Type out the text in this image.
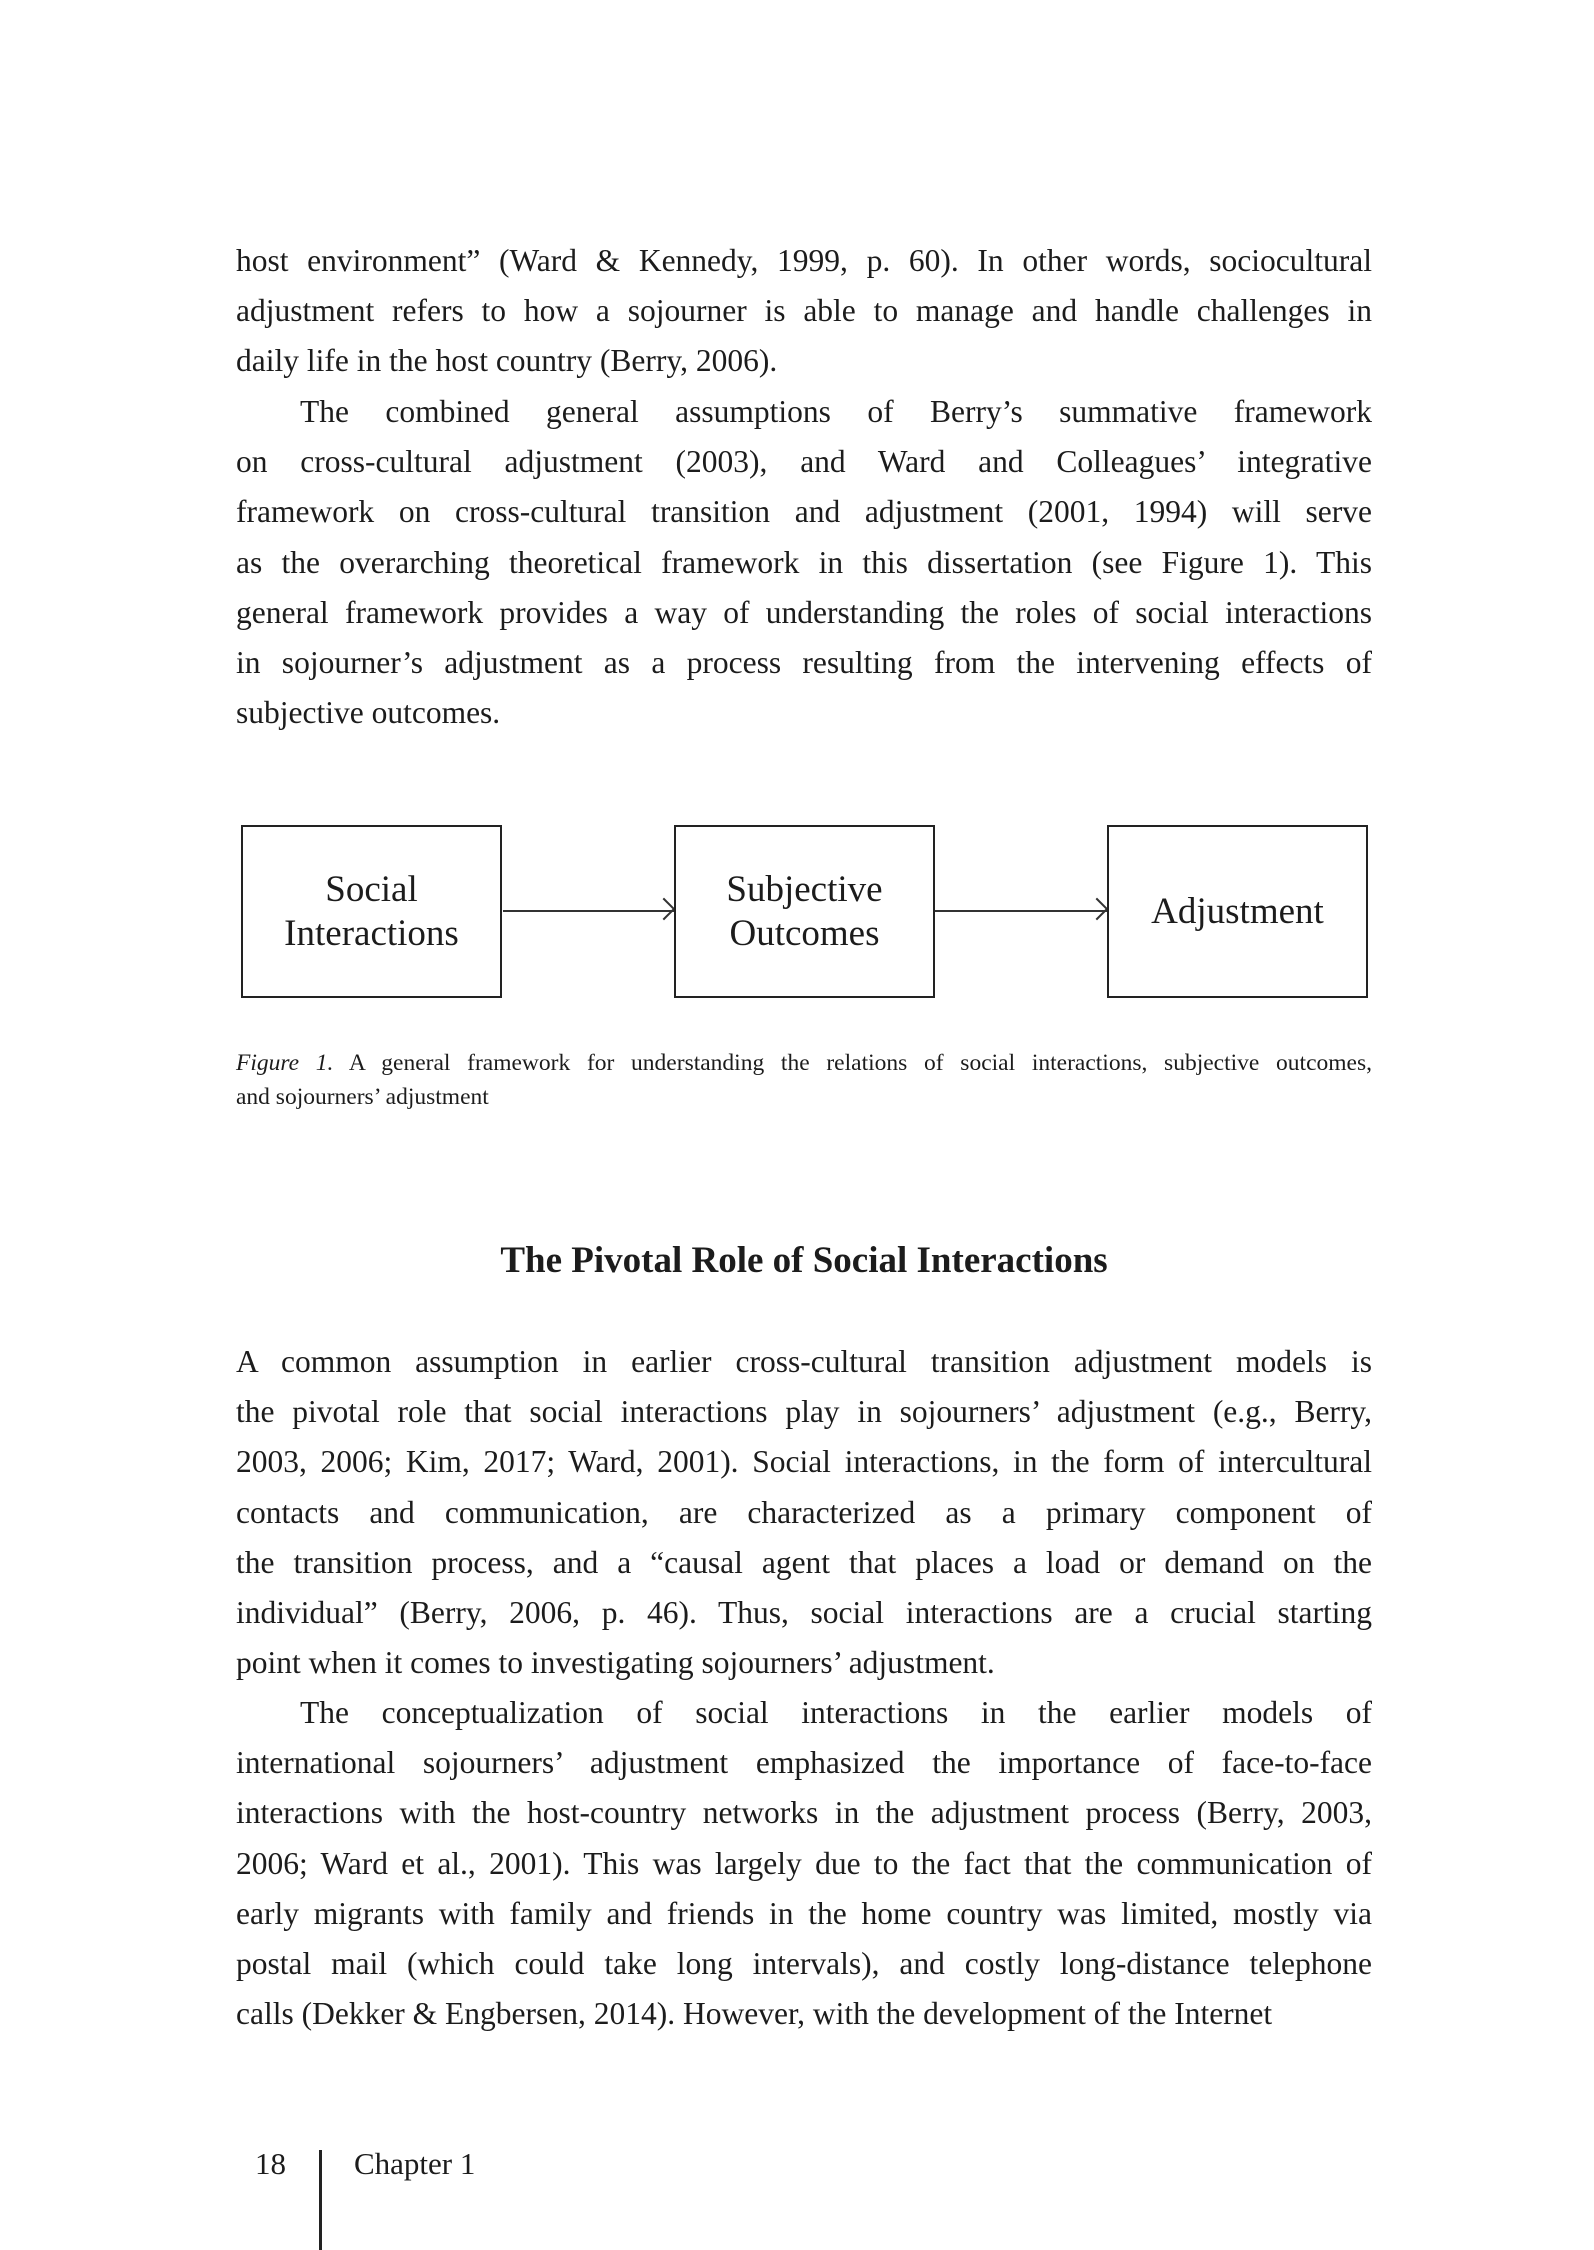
host environment” (Ward & Kennedy, 1999, p. 60). In other words, sociocultural
adjustment refers to how a sojourner is able to manage and handle challenges in
daily life in the host country (Berry, 2006).
The combined general assumptions of Berry’s summative framework
on cross-cultural adjustment (2003), and Ward and Colleagues’ integrative
framework on cross-cultural transition and adjustment (2001, 1994) will serve
as the overarching theoretical framework in this dissertation (see Figure 1). This
general framework provides a way of understanding the roles of social interactions
in sojourner’s adjustment as a process resulting from the intervening effects of
subjective outcomes.
Social
Interactions
Subjective
Outcomes
Adjustment
Figure 1. A general framework for understanding the relations of social interactions, subjective outcomes,
and sojourners’ adjustment
The Pivotal Role of Social Interactions
A common assumption in earlier cross-cultural transition adjustment models is
the pivotal role that social interactions play in sojourners’ adjustment (e.g., Berry,
2003, 2006; Kim, 2017; Ward, 2001). Social interactions, in the form of intercultural
contacts and communication, are characterized as a primary component of
the transition process, and a “causal agent that places a load or demand on the
individual” (Berry, 2006, p. 46). Thus, social interactions are a crucial starting
point when it comes to investigating sojourners’ adjustment.
The conceptualization of social interactions in the earlier models of
international sojourners’ adjustment emphasized the importance of face-to-face
interactions with the host-country networks in the adjustment process (Berry, 2003,
2006; Ward et al., 2001). This was largely due to the fact that the communication of
early migrants with family and friends in the home country was limited, mostly via
postal mail (which could take long intervals), and costly long-distance telephone
calls (Dekker & Engbersen, 2014). However, with the development of the Internet
18 Chapter 1
